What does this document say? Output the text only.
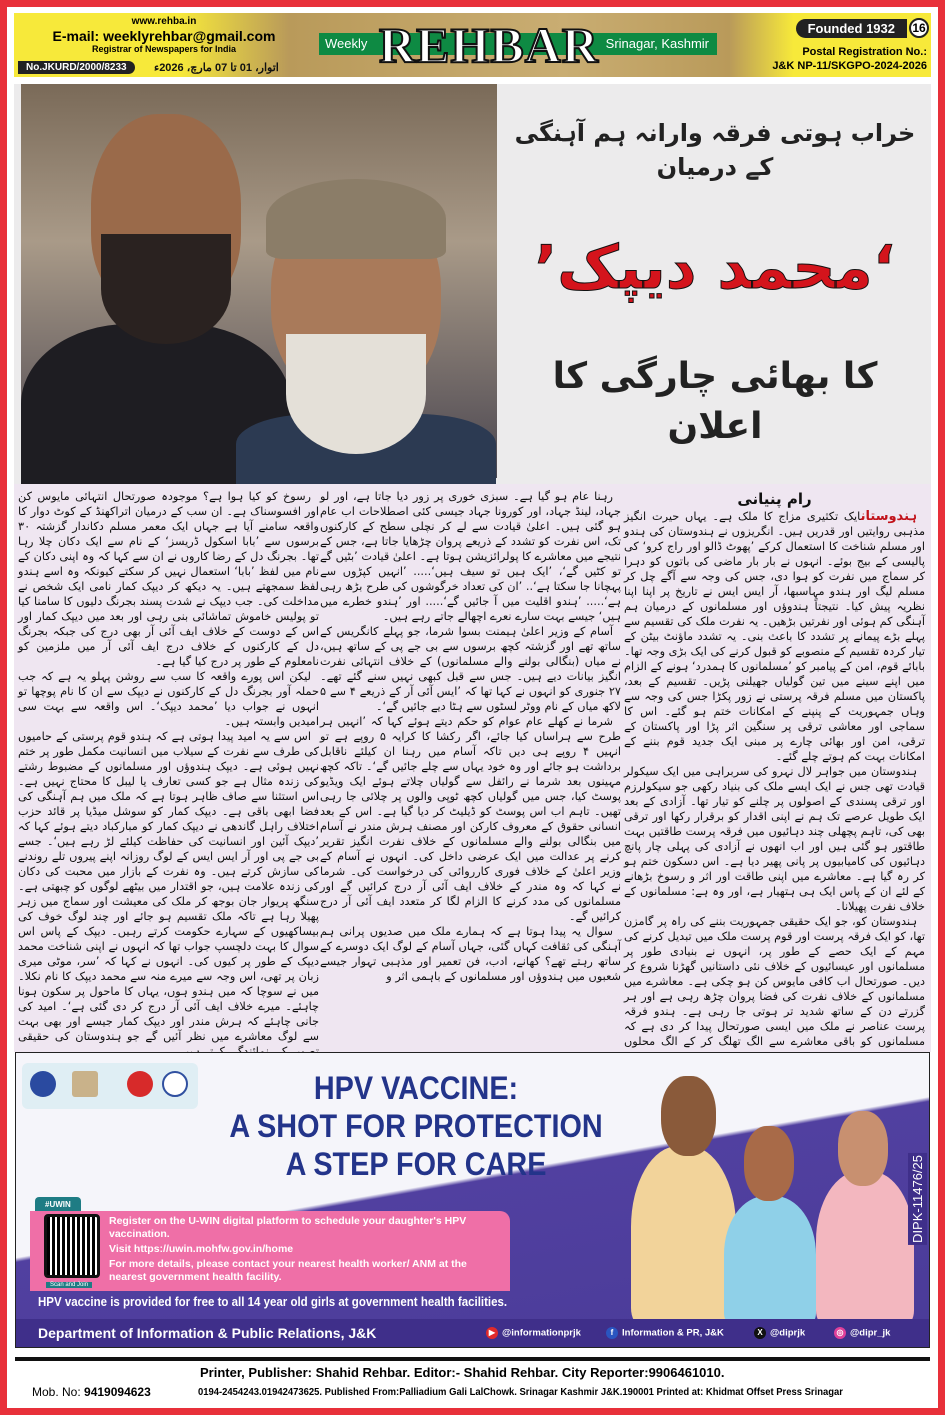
www.rehba.in
E-mail: weeklyrehbar@gmail.com
Registrar of Newspapers for India
No.JKURD/2000/8233	اتوار، 01 تا 07 مارچ، 2026ء
Weekly	Srinagar, Kashmir
REHBAR	Founded 1932	16
Postal Registration No.:
J&K NP-11/SKGPO-2024-2026
خراب ہوتی فرقہ وارانہ ہم آہنگی کے درمیان
‘محمد دیپک’
کا بھائی چارگی کا اعلان
رام پنیانی

ہندوستانایک تکثیری مزاج کا ملک ہے۔ یہاں حیرت انگیز مذہبی روایتیں اور قدریں ہیں۔ انگریزوں نے ہندوستان کی ہندو اور مسلم شناخت کا استعمال کرکے ’پھوٹ ڈالو اور راج کرو‘ کی پالیسی کے بیج بوئے۔ انہوں نے بار بار ماضی کی باتوں کو دہرا کر سماج میں نفرت کو ہوا دی، جس کی وجہ سے آگے چل کر مسلم لیگ اور ہندو مہاسبھا، آر ایس ایس نے تاریخ پر اپنا اپنا نظریہ پیش کیا۔ نتیجتاً ہندوؤں اور مسلمانوں کے درمیان ہم آہنگی کم ہوئی اور نفرتیں بڑھیں۔ یہ نفرت ملک کی تقسیم سے پہلے بڑے پیمانے پر تشدد کا باعث بنی۔ یہ تشدد ماؤنٹ بیٹن کے تیار کردہ تقسیم کے منصوبے کو قبول کرنے کی ایک بڑی وجہ تھا۔ بابائے قوم، امن کے پیامبر کو ’مسلمانوں کا ہمدرد‘ ہونے کے الزام میں اپنے سینے میں تین گولیاں جھیلنی پڑیں۔ تقسیم کے بعد، پاکستان میں مسلم فرقہ پرستی نے زور پکڑا جس کی وجہ سے وہاں جمہوریت کے پنپنے کے امکانات ختم ہو گئے۔ اس کا سماجی اور معاشی ترقی پر سنگین اثر پڑا اور پاکستان کے ترقی، امن اور بھائی چارے پر مبنی ایک جدید قوم بننے کے امکانات بہت کم ہوتے چلے گئے۔

ہندوستان میں جواہر لال نہرو کی سربراہی میں ایک سیکولر قیادت تھی جس نے ایک ایسے ملک کی بنیاد رکھی جو سیکولرزم اور ترقی پسندی کے اصولوں پر چلنے کو تیار تھا۔ آزادی کے بعد ایک طویل عرصے تک ہم نے اپنی اقدار کو برقرار رکھا اور ترقی بھی کی، تاہم پچھلی چند دہائیوں میں فرقہ پرست طاقتیں بہت طاقتور ہو گئی ہیں اور اب انھوں نے آزادی کی پہلی چار پانچ دہائیوں کی کامیابیوں پر پانی پھیر دیا ہے۔ اس دسکون ختم ہو کر رہ گیا ہے۔ معاشرے میں اپنی طاقت اور اثر و رسوخ بڑھانے کے لئے ان کے پاس ایک ہی ہتھیار ہے، اور وہ ہے: مسلمانوں کے خلاف نفرت پھیلانا۔

ہندوستان کو، جو ایک حقیقی جمہوریت بننے کی راہ پر گامزن تھا، کو ایک فرقہ پرست اور قوم پرست ملک میں تبدیل کرنے کی مہم کے ایک حصے کے طور پر، انہوں نے بنیادی طور پر مسلمانوں اور عیسائیوں کے خلاف نئی داستانیں گھڑنا شروع کر دیں۔ صورتحال اب کافی مایوس کن ہو چکی ہے۔ معاشرے میں مسلمانوں کے خلاف نفرت کی فضا پروان چڑھ رہی ہے اور ہر گزرتے دن کے ساتھ شدید تر ہوتی جا رہی ہے۔ ہندو فرقہ پرست عناصر نے ملک میں ایسی صورتحال پیدا کر دی ہے کہ مسلمانوں کو باقی معاشرے سے الگ تھلگ کر کے الگ محلوں

رہنا عام ہو گیا ہے۔ سبزی خوری پر زور دیا جاتا ہے، اور لو جہاد، لینڈ جہاد، اور کورونا جہاد جیسی کئی اصطلاحات اب عام ہو گئی ہیں۔ اعلیٰ قیادت سے لے کر نچلی سطح کے کارکنوں تک، اس نفرت کو تشدد کے ذریعے پروان چڑھایا جاتا ہے، جس کے نتیجے میں معاشرے کا پولرائزیشن ہوتا ہے۔ اعلیٰ قیادت ’بٹیں گے تو کٹیں گے‘، ’ایک ہیں تو سیف ہیں‘..... ’انہیں کپڑوں سے پہچانا جا سکتا ہے‘.. ’ان کی تعداد خرگوشوں کی طرح بڑھ رہی ہے‘..... ’ہندو اقلیت میں آ جائیں گے‘..... اور ’ہندو خطرے میں ہیں‘ جیسے بہت سارے نعرے اچھالے جاتے رہے ہیں۔

آسام کے وزیر اعلیٰ ہیمنت بسوا شرما، جو پہلے کانگریس کے ساتھ تھے اور گزشتہ کچھ برسوں سے بی جے پی کے ساتھ ہیں، نے میاں (بنگالی بولنے والے مسلمانوں) کے خلاف انتہائی نفرت انگیز بیانات دیے ہیں۔ جس سے قبل کبھی نہیں سنے گئے تھے۔ ۲۷ جنوری کو انہوں نے کہا تھا کہ ’ایس آئی آر کے ذریعے ۴ سے ۵ لاکھ میاں کے نام ووٹر لسٹوں سے ہٹا دیے جائیں گے‘۔

شرما نے کھلے عام عوام کو حکم دیتے ہوئے کہا کہ ’انہیں ہر طرح سے ہراساں کیا جائے، اگر رکشا کا کرایہ ۵ روپے ہے تو انہیں ۴ روپے ہی دیں تاکہ آسام میں رہنا ان کیلئے ناقابل برداشت ہو جائے اور وہ خود یہاں سے چلے جائیں گے‘۔ تاکہ کچھ مہینوں بعد شرما نے رائفل سے گولیاں چلاتے ہوئے ایک ویڈیو پوسٹ کیا، جس میں گولیاں کچھ ٹوپی والوں پر چلائی جا رہی تھیں۔ تاہم اب اس پوسٹ کو ڈیلیٹ کر دیا گیا ہے۔ اس کے بعد انسانی حقوق کے معروف کارکن اور مصنف ہرش مندر نے آسام میں بنگالی بولنے والے مسلمانوں کے خلاف نفرت انگیز تقریر کرنے پر عدالت میں ایک عرضی داخل کی۔ انہوں نے آسام کے وزیر اعلیٰ کے خلاف فوری کارروائی کی درخواست کی۔ شرما نے کہا کہ وہ مندر کے خلاف ایف آئی آر درج کرائیں گے اور مسلمانوں کی مدد کرنے کا الزام لگا کر متعدد ایف آئی آر درج کرائیں گے۔

سوال یہ پیدا ہوتا ہے کہ ہمارے ملک میں صدیوں پرانی ہم آہنگی کی ثقافت کہاں گئی، جہاں آسام کے لوگ ایک دوسرے کے ساتھ رہتے تھے؟ کھانے، ادب، فن تعمیر اور مذہبی تہوار جیسے شعبوں میں ہندوؤں اور مسلمانوں کے باہمی اثر و

رسوخ کو کیا ہوا ہے؟ موجودہ صورتحال انتہائی مایوس کن اور افسوسناک ہے۔ ان سب کے درمیان اتراکھنڈ کے کوٹ دوار کا واقعہ سامنے آیا ہے جہاں ایک معمر مسلم دکاندار گزشتہ ۳۰ برسوں سے ’بابا اسکول ڈریسز‘ کے نام سے ایک دکان چلا رہا تھا۔ بجرنگ دل کے رضا کاروں نے ان سے کہا کہ وہ اپنی دکان کے نام میں لفظ ’بابا‘ استعمال نہیں کر سکتے کیونکہ وہ اسے ہندو لفظ سمجھتے ہیں۔ یہ دیکھ کر دیپک کمار نامی ایک شخص نے مداخلت کی۔ جب دیپک نے شدت پسند بجرنگ دلیوں کا سامنا کیا تو پولیس خاموش تماشائی بنی رہی اور بعد میں دیپک کمار اور اس کے دوست کے خلاف ایف آئی آر بھی درج کی جبکہ بجرنگ دل کے کارکنوں کے خلاف درج ایف آئی آر میں ملزمین کو نامعلوم کے طور پر درج کیا گیا ہے۔

لیکن اس پورے واقعہ کا سب سے روشن پہلو یہ ہے کہ جب حملہ آور بجرنگ دل کے کارکنوں نے دیپک سے ان کا نام پوچھا تو انہوں نے جواب دیا ’محمد دیپک‘۔ اس واقعہ سے بہت سی امیدیں وابستہ ہیں۔

اس سے یہ امید پیدا ہوتی ہے کہ ہندو قوم پرستی کے حامیوں کی طرف سے نفرت کے سیلاب میں انسانیت مکمل طور پر ختم نہیں ہوئی ہے۔ دیپک ہندوؤں اور مسلمانوں کے مضبوط رشتے کی زندہ مثال ہے جو کسی تعارف یا لیبل کا محتاج نہیں ہے۔ اس استثنا سے صاف ظاہر ہوتا ہے کہ ملک میں ہم آہنگی کی فضا ابھی باقی ہے۔ دیپک کمار کو سوشل میڈیا پر قائد حزب اختلاف راہل گاندھی نے دیپک کمار کو مبارکباد دیتے ہوئے کہا کہ ’دیپک آئین اور انسانیت کی حفاظت کیلئے لڑ رہے ہیں‘۔ جسے بی جے پی اور آر ایس ایس کے لوگ روزانہ اپنے پیروں تلے روندنے کی سازش کرتے ہیں۔ وہ نفرت کے بازار میں محبت کی دکان کی زندہ علامت ہیں، جو اقتدار میں بیٹھے لوگوں کو چبھتی ہے۔ سنگھ پریوار جان بوجھ کر ملک کی معیشت اور سماج میں زہر پھیلا رہا ہے تاکہ ملک تقسیم ہو جائے اور چند لوگ خوف کی بیساکھیوں کے سہارے حکومت کرتے رہیں۔ دیپک کے پاس اس سوال کا بہت دلچسپ جواب تھا کہ انہوں نے اپنی شناخت محمد دیپک کے طور پر کیوں کی۔ انہوں نے کہا کہ ’سر، موٹی میری زبان پر تھی، اس وجہ سے میرے منہ سے محمد دیپک کا نام نکلا۔ میں نے سوچا کہ میں ہندو ہوں، یہاں کا ماحول پر سکون ہونا چاہئے۔ میرے خلاف ایف آئی آر درج کر دی گئی ہے‘۔ امید کی جانی چاہئے کہ ہرش مندر اور دیپک کمار جیسے اور بھی بہت سے لوگ معاشرے میں نظر آئیں گے جو ہندوستان کی حقیقی

HPV VACCINE:
A SHOT FOR PROTECTION
A STEP FOR CARE
#UWIN
Scan and Join
Register on the U-WIN digital platform to schedule your daughter's HPV vaccination.
Visit https://uwin.mohfw.gov.in/home
For more details, please contact your nearest health worker/ ANM at the nearest government health facility.
HPV vaccine is provided for free to all 14 year old girls at government health facilities.
DIPK-11476/25
Department of Information & Public Relations, J&K	▶ @informationprjk	f Information & PR, J&K	X @diprjk	◎ @dipr_jk
Printer, Publisher: Shahid Rehbar. Editor:- Shahid Rehbar. City Reporter:9906461010.
Mob. No: 9419094623	0194-2454243.01942473625. Published From:Palliadium Gali LalChowk. Srinagar Kashmir J&K.190001 Printed at: Khidmat Offset Press Srinagar
